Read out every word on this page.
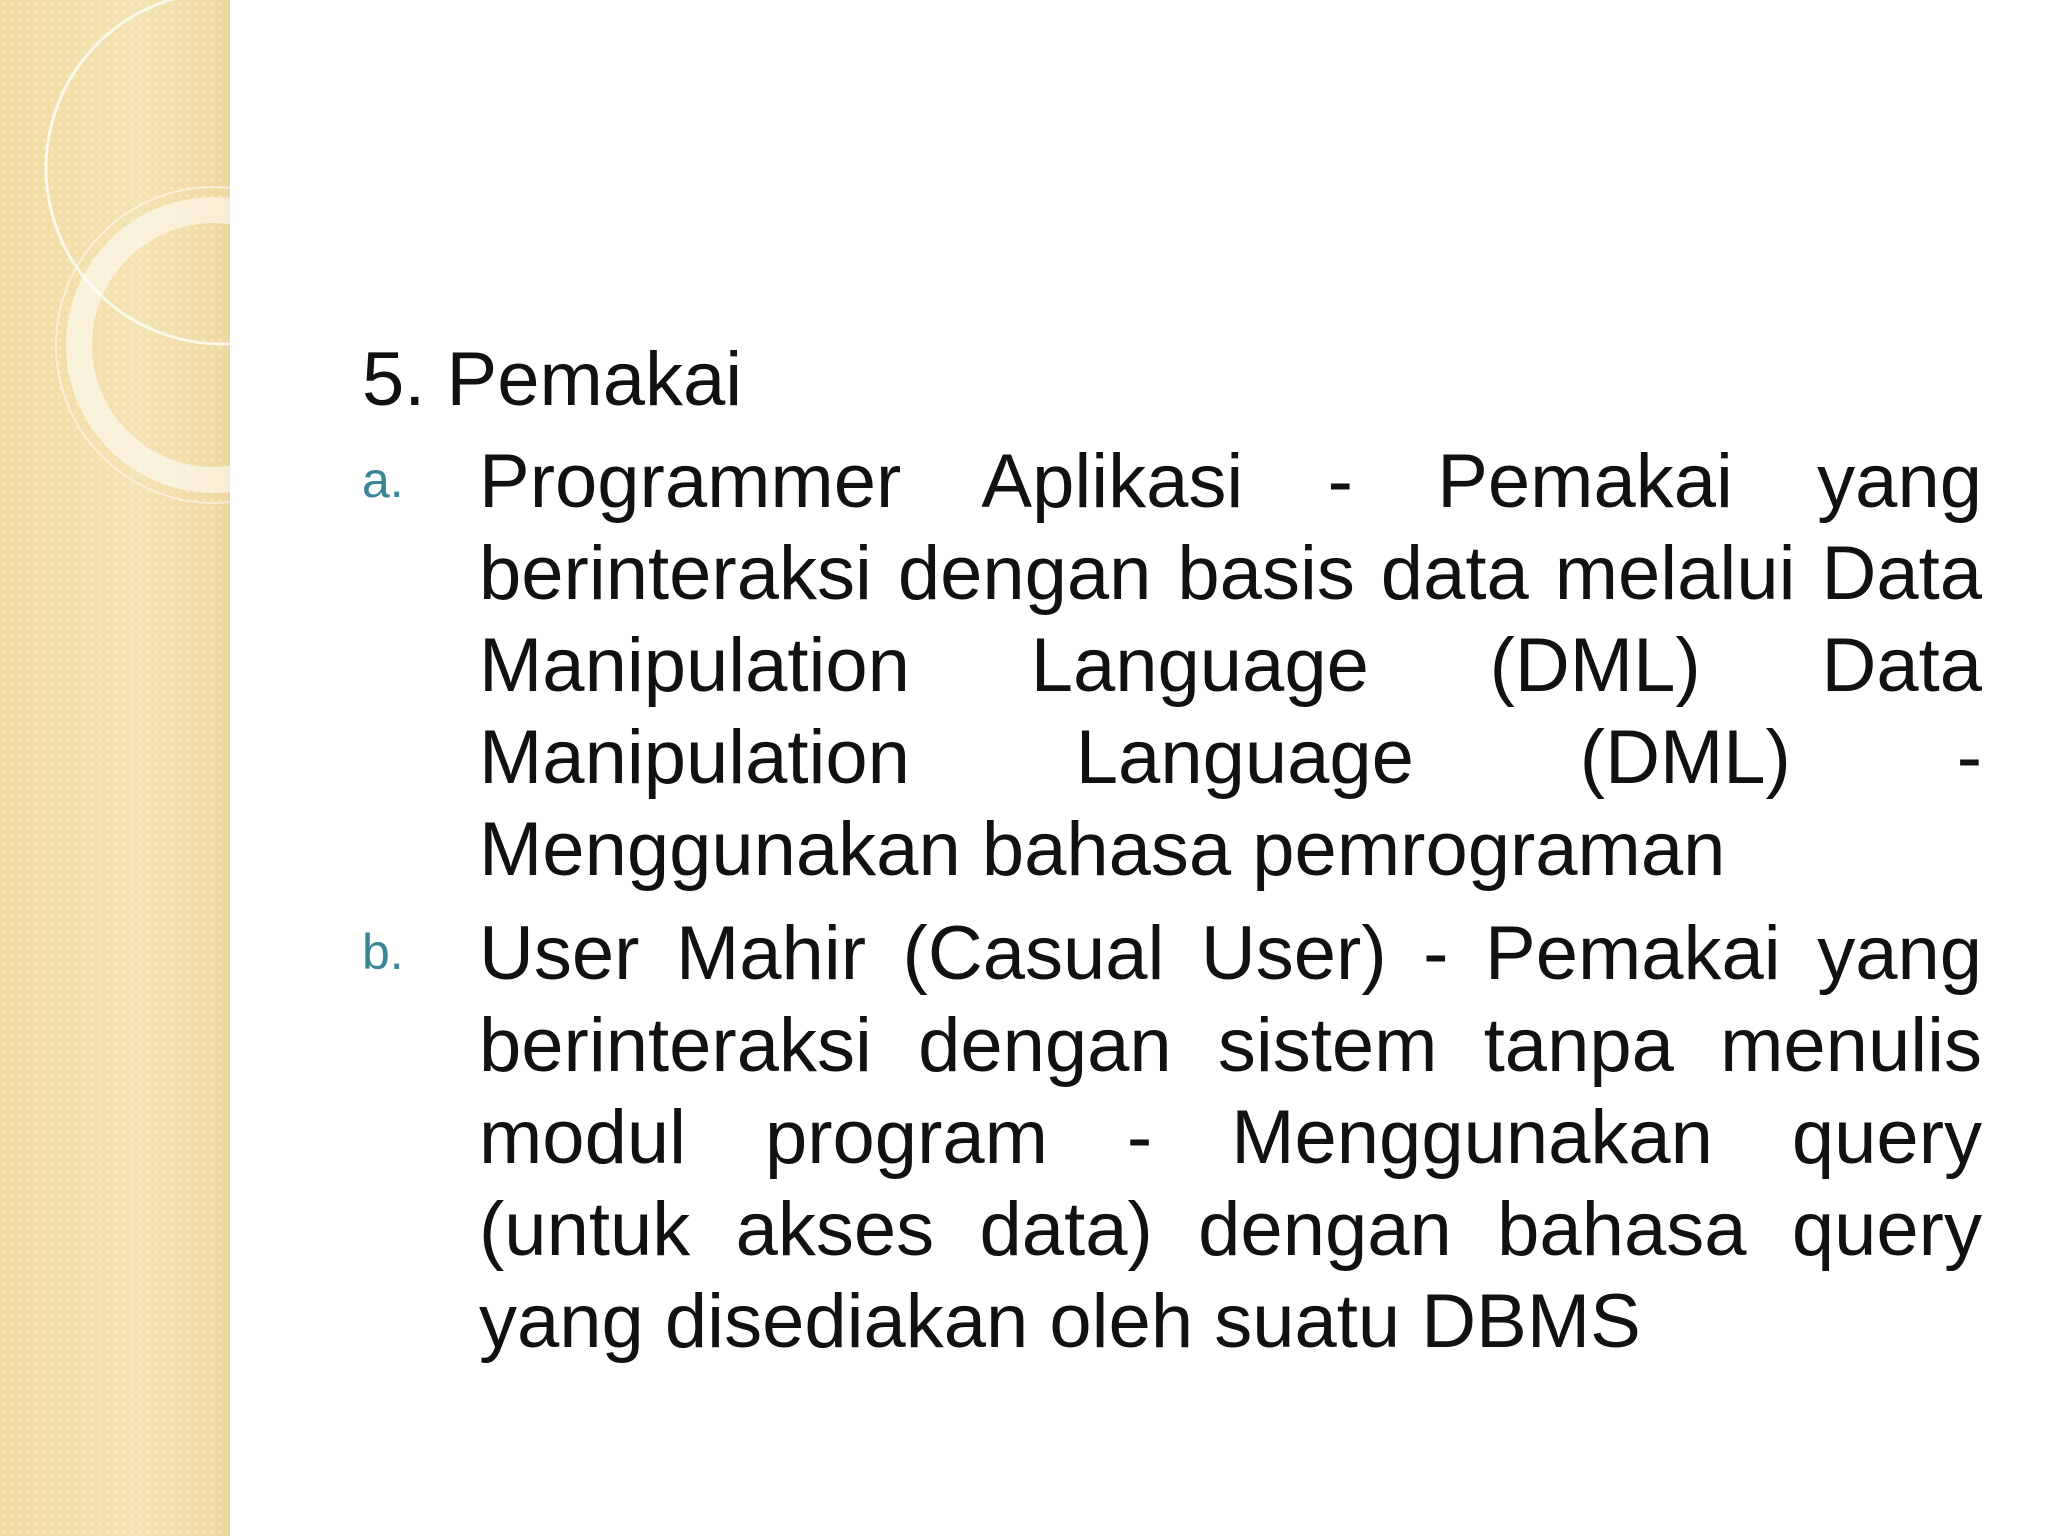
5. Pemakai
a. Programmer Aplikasi - Pemakai yang berinteraksi dengan basis data melalui Data Manipulation Language (DML) Data Manipulation Language (DML) - Menggunakan bahasa pemrograman
b. User Mahir (Casual User) - Pemakai yang berinteraksi dengan sistem tanpa menulis modul program - Menggunakan query (untuk akses data) dengan bahasa query yang disediakan oleh suatu DBMS
